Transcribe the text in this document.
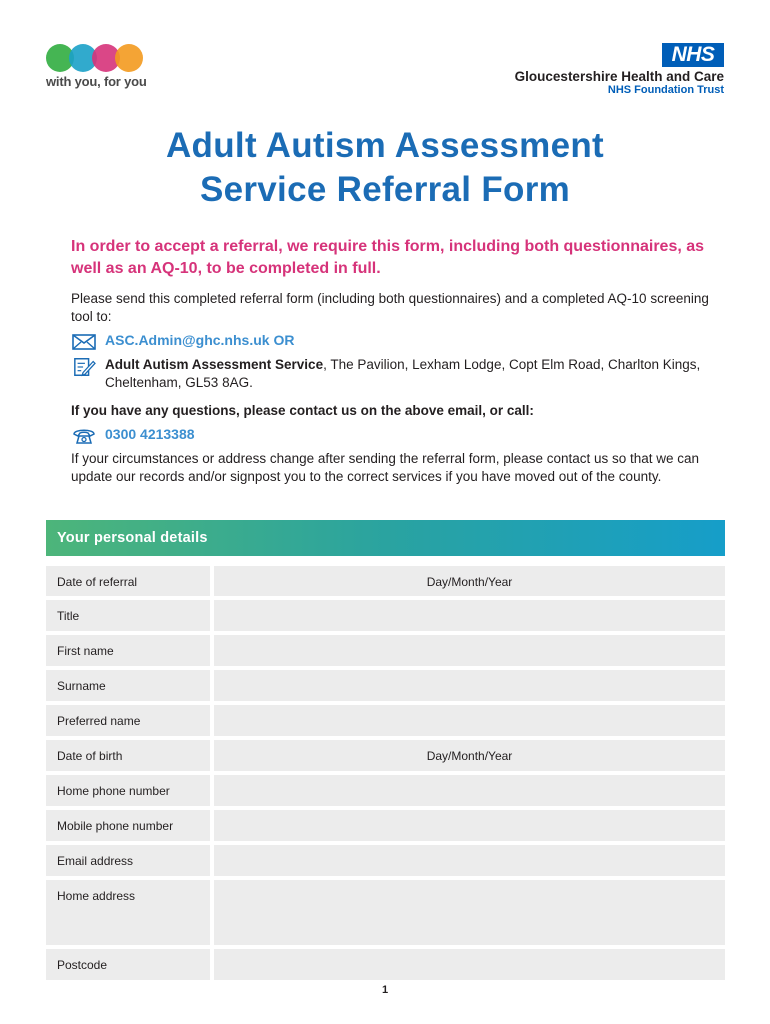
with you, for you
NHS
Gloucestershire Health and Care
NHS Foundation Trust
Adult Autism Assessment
Service Referral Form
In order to accept a referral, we require this form, including both questionnaires, as well as an AQ-10, to be completed in full.
Please send this completed referral form (including both questionnaires) and a completed AQ-10 screening tool to:
ASC.Admin@ghc.nhs.uk OR
Adult Autism Assessment Service, The Pavilion, Lexham Lodge, Copt Elm Road, Charlton Kings, Cheltenham, GL53 8AG.
If you have any questions, please contact us on the above email, or call:
0300 4213388
If your circumstances or address change after sending the referral form, please contact us so that we can update our records and/or signpost you to the correct services if you have moved out of the county.
Your personal details
Date of referral	Day/Month/Year
Title
First name
Surname
Preferred name
Date of birth	Day/Month/Year
Home phone number
Mobile phone number
Email address
Home address
Postcode
1
